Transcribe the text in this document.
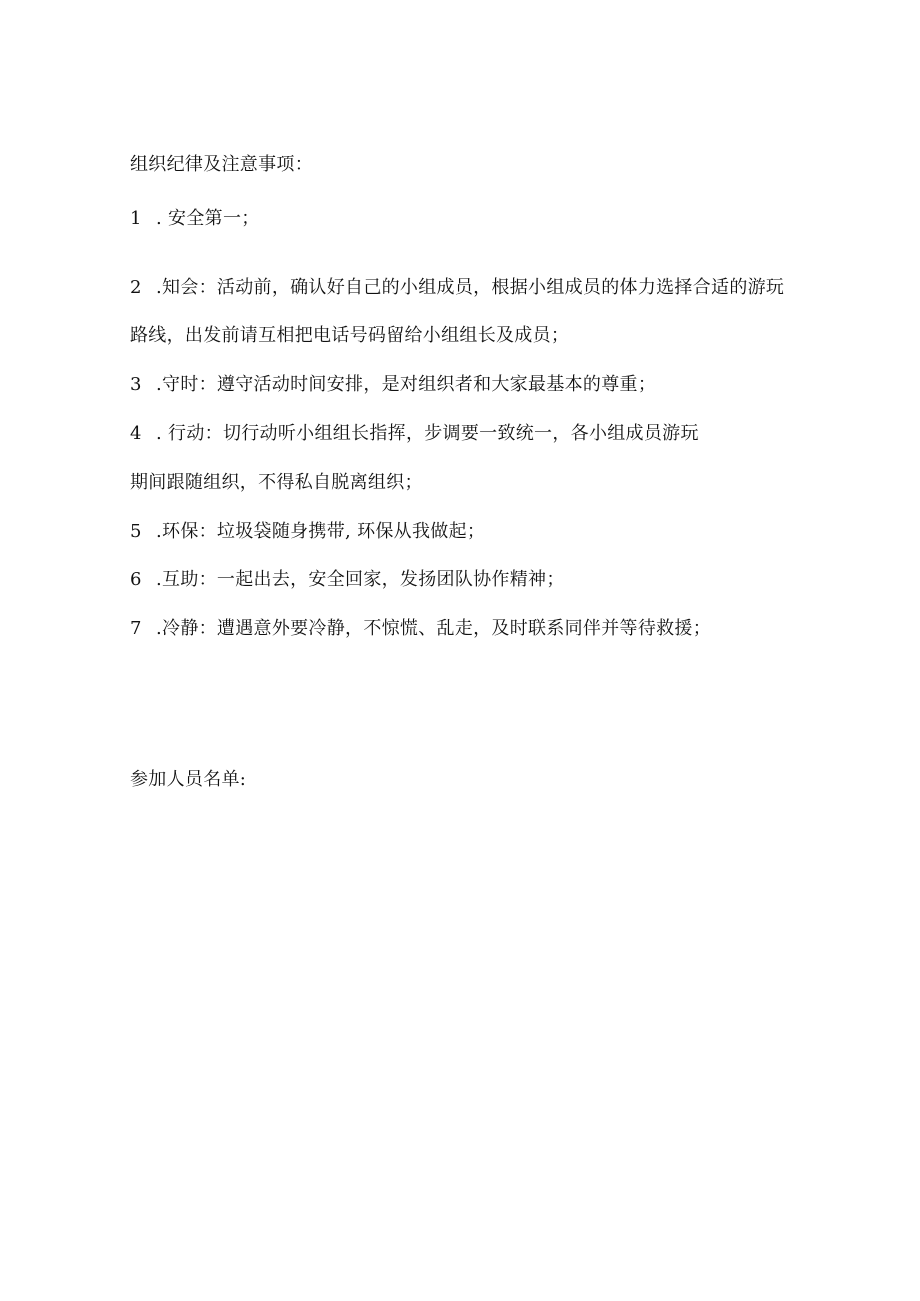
组织纪律及注意事项：
1 . 安全第一；
2 .知会：活动前，确认好自己的小组成员，根据小组成员的体力选择合适的游玩
路线，出发前请互相把电话号码留给小组组长及成员；
3 .守时：遵守活动时间安排，是对组织者和大家最基本的尊重；
4 . 行动：切行动听小组组长指挥，步调要一致统一，各小组成员游玩
期间跟随组织，不得私自脱离组织；
5 .环保：垃圾袋随身携带, 环保从我做起；
6 .互助：一起出去，安全回家，发扬团队协作精神；
7 .冷静：遭遇意外要冷静，不惊慌、乱走，及时联系同伴并等待救援；
参加人员名单:
